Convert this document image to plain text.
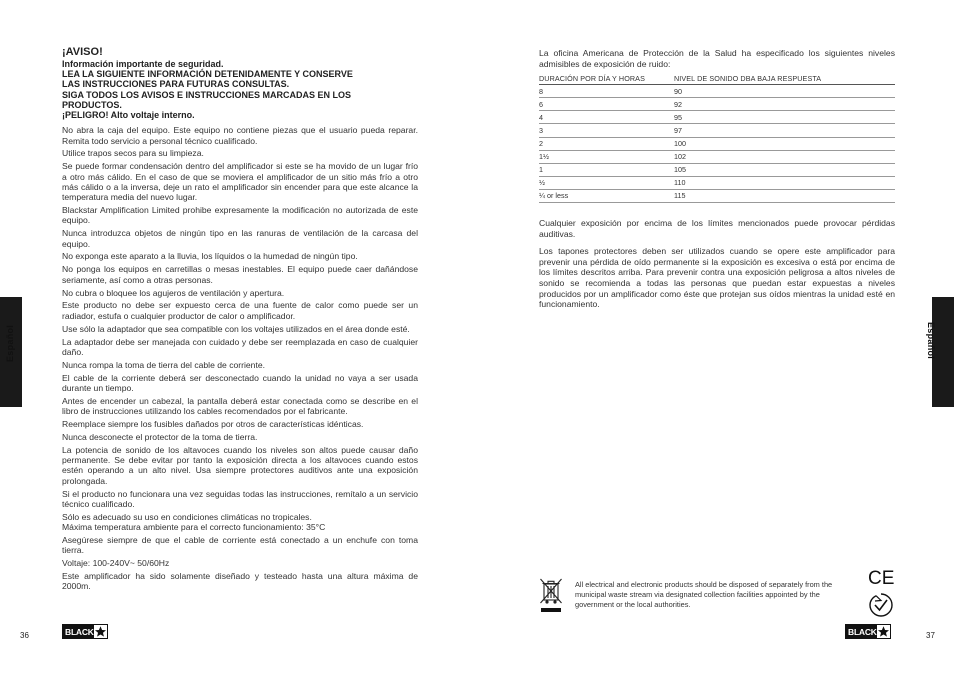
¡AVISO!

Información importante de seguridad.

LEA LA SIGUIENTE INFORMACIÓN DETENIDAMENTE Y CONSERVE

LAS INSTRUCCIONES PARA FUTURAS CONSULTAS.

SIGA TODOS LOS AVISOS E INSTRUCCIONES MARCADAS EN LOS

PRODUCTOS.

¡PELIGRO! Alto voltaje interno.

No abra la caja del equipo. Este equipo no contiene piezas que el usuario pueda reparar. Remita todo servicio a personal técnico cualificado.

Utilice trapos secos para su limpieza.

Se puede formar condensación dentro del amplificador si este se ha movido de un lugar frío a otro más cálido. En el caso de que se moviera el amplificador de un sitio más frío a otro más cálido o a la inversa, deje un rato el amplificador sin encender para que este alcance la temperatura media del nuevo lugar.

Blackstar Amplification Limited prohibe expresamente la modificación no autorizada de este equipo.

Nunca introduzca objetos de ningún tipo en las ranuras de ventilación de la carcasa del equipo.

No exponga este aparato a la lluvia, los líquidos o la humedad de ningún tipo.

No ponga los equipos en carretillas o mesas inestables. El equipo puede caer dañándose seriamente, así como a otras personas.

No cubra o bloquee los agujeros de ventilación y apertura.

Este producto no debe ser expuesto cerca de una fuente de calor como puede ser un radiador, estufa o cualquier productor de calor o amplificador.

Use sólo la adaptador que sea compatible con los voltajes utilizados en el área donde esté.

La adaptador debe ser manejada con cuidado y debe ser reemplazada en caso de cualquier daño.

Nunca rompa la toma de tierra del cable de corriente.

El cable de la corriente deberá ser desconectado cuando la unidad no vaya a ser usada durante un tiempo.

Antes de encender un cabezal, la pantalla deberá estar conectada como se describe en el libro de instrucciones utilizando los cables recomendados por el fabricante.

Reemplace siempre los fusibles dañados por otros de características idénticas.

Nunca desconecte el protector de la toma de tierra.

La potencia de sonido de los altavoces cuando los niveles son altos puede causar daño permanente. Se debe evitar por tanto la exposición directa a los altavoces cuando estos estén operando a un alto nivel. Usa siempre protectores auditivos ante una exposición prolongada.

Si el producto no funcionara una vez seguidas todas las instrucciones, remítalo a un servicio técnico cualificado.

Sólo es adecuado su uso en condiciones climáticas no tropicales.
Máxima temperatura ambiente para el correcto funcionamiento: 35°C

Asegúrese siempre de que el cable de corriente está conectado a un enchufe con toma tierra.

Voltaje: 100-240V~ 50/60Hz

Este amplificador ha sido solamente diseñado y testeado hasta una altura máxima de 2000m.

36	BLACK

La oficina Americana de Protección de la Salud ha especificado los siguientes niveles admisibles de exposición de ruido:

DURACIÓN POR DÍA Y HORAS	NIVEL DE SONIDO DBA BAJA RESPUESTA
8	90
6	92
4	95
3	97
2	100
1½	102
1	105
½	110
¼ or less	115

Cualquier exposición por encima de los límites mencionados puede provocar pérdidas auditivas.

Los tapones protectores deben ser utilizados cuando se opere este amplificador para prevenir una pérdida de oído permanente si la exposición es excesiva o está por encima de los límites descritos arriba. Para prevenir contra una exposición peligrosa a altos niveles de sonido se recomienda a todas las personas que puedan estar expuestas a niveles producidos por un amplificador como éste que protejan sus oídos mientras la unidad esté en funcionamiento.

Español	Español
All electrical and electronic products should be disposed of separately from the municipal waste stream via designated collection facilities appointed by the government or the local authorities.
CE
37
BLACK
